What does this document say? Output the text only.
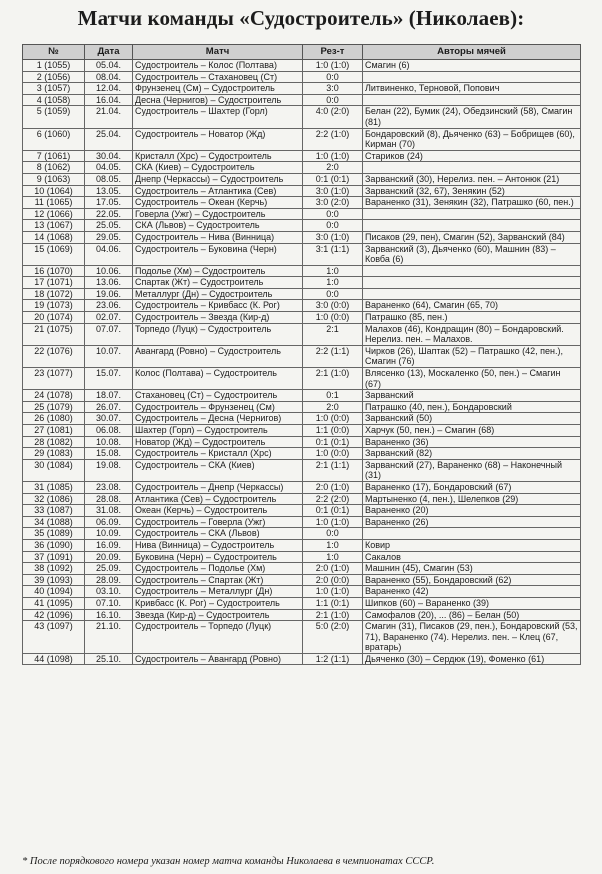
Матчи команды «Судостроитель» (Николаев):
№	Дата	Матч	Рез-т	Авторы мячей
1 (1055)	05.04.	Судостроитель – Колос (Полтава)	1:0 (1:0)	Смагин (6)
2 (1056)	08.04.	Судостроитель – Стахановец (Ст)	0:0	
3 (1057)	12.04.	Фрунзенец (См) – Судостроитель	3:0	Литвиненко, Терновой, Попович
4 (1058)	16.04.	Десна (Чернигов) – Судостроитель	0:0	
5 (1059)	21.04.	Судостроитель – Шахтер (Горл)	4:0 (2:0)	Белан (22), Бумик (24), Обедзинский (58), Смагин (81)
6 (1060)	25.04.	Судостроитель – Новатор (Жд)	2:2 (1:0)	Бондаровский (8), Дьяченко (63) – Бобрищев (60), Кирман (70)
7 (1061)	30.04.	Кристалл (Хрс) – Судостроитель	1:0 (1:0)	Стариков (24)
8 (1062)	04.05.	СКА (Киев) – Судостроитель	2:0	
9 (1063)	08.05.	Днепр (Черкассы) – Судостроитель	0:1 (0:1)	Зарванский (30), Нерелиз. пен. – Антонюк (21)
10 (1064)	13.05.	Судостроитель – Атлантика (Сев)	3:0 (1:0)	Зарванский (32, 67), Зенякин (52)
11 (1065)	17.05.	Судостроитель – Океан (Керчь)	3:0 (2:0)	Вараненко (31), Зенякин (32), Патрашко (60, пен.)
12 (1066)	22.05.	Говерла (Ужг) – Судостроитель	0:0	
13 (1067)	25.05.	СКА (Львов) – Судостроитель	0:0	
14 (1068)	29.05.	Судостроитель – Нива (Винница)	3:0 (1:0)	Писаков (29, пен), Смагин (52), Зарванский (84)
15 (1069)	04.06.	Судостроитель – Буковина (Черн)	3:1 (1:1)	Зарванский (3), Дьяченко (60), Машнин (83) – Ковба (6)
16 (1070)	10.06.	Подолье (Хм) – Судостроитель	1:0	
17 (1071)	13.06.	Спартак (Жт) – Судостроитель	1:0	
18 (1072)	19.06.	Металлург (Дн) – Судостроитель	0:0	
19 (1073)	23.06.	Судостроитель – Кривбасс (К. Рог)	3:0 (0:0)	Вараненко (64), Смагин (65, 70)
20 (1074)	02.07.	Судостроитель – Звезда (Кир-д)	1:0 (0:0)	Патрашко (85, пен.)
21 (1075)	07.07.	Торпедо (Луцк) – Судостроитель	2:1	Малахов (46), Кондращин (80) – Бондаровский. Нерелиз. пен. – Малахов.
22 (1076)	10.07.	Авангард (Ровно) – Судостроитель	2:2 (1:1)	Чирков (26), Шаптак (52) – Патрашко (42, пен.), Смагин (76)
23 (1077)	15.07.	Колос (Полтава) – Судостроитель	2:1 (1:0)	Влясенко (13), Москаленко (50, пен.) – Смагин (67)
24 (1078)	18.07.	Стахановец (Ст) – Судостроитель	0:1	Зарванский
25 (1079)	26.07.	Судостроитель – Фрунзенец (См)	2:0	Патрашко (40, пен.), Бондаровский
26 (1080)	30.07.	Судостроитель – Десна (Чернигов)	1:0 (0:0)	Зарванский (50)
27 (1081)	06.08.	Шахтер (Горл) – Судостроитель	1:1 (0:0)	Харчук (50, пен.) – Смагин (68)
28 (1082)	10.08.	Новатор (Жд) – Судостроитель	0:1 (0:1)	Вараненко (36)
29 (1083)	15.08.	Судостроитель – Кристалл (Хрс)	1:0 (0:0)	Зарванский (82)
30 (1084)	19.08.	Судостроитель – СКА (Киев)	2:1 (1:1)	Зарванский (27), Вараненко (68) – Наконечный (31)
31 (1085)	23.08.	Судостроитель – Днепр (Черкассы)	2:0 (1:0)	Вараненко (17), Бондаровский (67)
32 (1086)	28.08.	Атлантика (Сев) – Судостроитель	2:2 (2:0)	Мартыненко (4, пен.), Шелепков (29)
33 (1087)	31.08.	Океан (Керчь) – Судостроитель	0:1 (0:1)	Вараненко (20)
34 (1088)	06.09.	Судостроитель – Говерла (Ужг)	1:0 (1:0)	Вараненко (26)
35 (1089)	10.09.	Судостроитель – СКА (Львов)	0:0	
36 (1090)	16.09.	Нива (Винница) – Судостроитель	1:0	Ковир
37 (1091)	20.09.	Буковина (Черн) – Судостроитель	1:0	Сакалов
38 (1092)	25.09.	Судостроитель – Подолье (Хм)	2:0 (1:0)	Машнин (45), Смагин (53)
39 (1093)	28.09.	Судостроитель – Спартак (Жт)	2:0 (0:0)	Вараненко (55), Бондаровский (62)
40 (1094)	03.10.	Судостроитель – Металлург (Дн)	1:0 (1:0)	Вараненко (42)
41 (1095)	07.10.	Кривбасс (К. Рог) – Судостроитель	1:1 (0:1)	Шипков (60) – Вараненко (39)
42 (1096)	16.10.	Звезда (Кир-д) – Судостроитель	2:1 (1:0)	Самофалов (20), ... (86) – Белан (50)
43 (1097)	21.10.	Судостроитель – Торпедо (Луцк)	5:0 (2:0)	Смагин (31), Писаков (29, пен.), Бондаровский (53, 71), Вараненко (74). Нерелиз. пен. – Клец (67, вратарь)
44 (1098)	25.10.	Судостроитель – Авангард (Ровно)	1:2 (1:1)	Дьяченко (30) – Сердюк (19), Фоменко (61)
* После порядкового номера указан номер матча команды Николаева в чемпионатах СССР.
